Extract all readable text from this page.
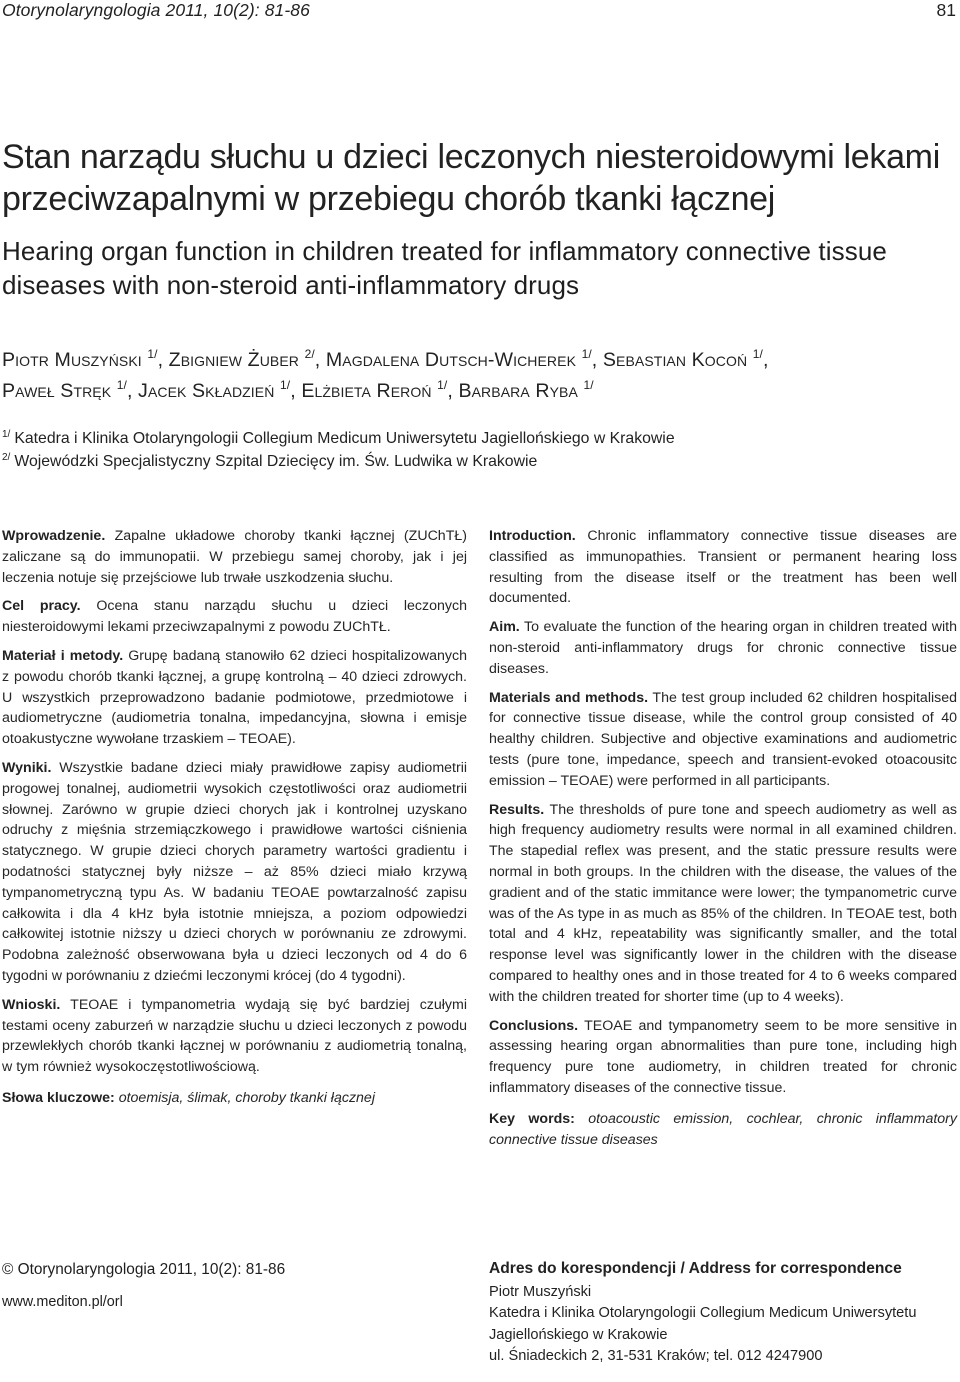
Otorynolaryngologia 2011, 10(2): 81-86	81
Stan narządu słuchu u dzieci leczonych niesteroidowymi lekami przeciwzapalnymi w przebiegu chorób tkanki łącznej
Hearing organ function in children treated for inflammatory connective tissue diseases with non-steroid anti-inflammatory drugs
Piotr Muszyński $^{1/}$, Zbigniew Żuber $^{2/}$, Magdalena Dutsch-Wicherek $^{1/}$, Sebastian Kocoń $^{1/}$,
Paweł Stręk $^{1/}$, Jacek Składzień $^{1/}$, Elżbieta Reroń $^{1/}$, Barbara Ryba $^{1/}$
$^{1/}$ Katedra i Klinika Otolaryngologii Collegium Medicum Uniwersytetu Jagiellońskiego w Krakowie
$^{2/}$ Wojewódzki Specjalistyczny Szpital Dziecięcy im. Św. Ludwika w Krakowie

Wprowadzenie. Zapalne układowe choroby tkanki łącznej (ZUChTŁ) zaliczane są do immunopatii. W przebiegu samej choroby, jak i jej leczenia notuje się przejściowe lub trwałe uszkodzenia słuchu.

Cel pracy. Ocena stanu narządu słuchu u dzieci leczonych niesteroidowymi lekami przeciwzapalnymi z powodu ZUChTŁ.

Materiał i metody. Grupę badaną stanowiło 62 dzieci hospitalizowanych z powodu chorób tkanki łącznej, a grupę kontrolną – 40 dzieci zdrowych. U wszystkich przeprowadzono badanie podmiotowe, przedmiotowe i audiometryczne (audiometria tonalna, impedancyjna, słowna i emisje otoakustyczne wywołane trzaskiem – TEOAE).

Wyniki. Wszystkie badane dzieci miały prawidłowe zapisy audiometrii progowej tonalnej, audiometrii wysokich częstotliwości oraz audiometrii słownej. Zarówno w grupie dzieci chorych jak i kontrolnej uzyskano odruchy z mięśnia strzemiączkowego i prawidłowe wartości ciśnienia statycznego. W grupie dzieci chorych parametry wartości gradientu i podatności statycznej były niższe – aż 85% dzieci miało krzywą tympanometryczną typu As. W badaniu TEOAE powtarzalność zapisu całkowita i dla 4 kHz była istotnie mniejsza, a poziom odpowiedzi całkowitej istotnie niższy u dzieci chorych w porównaniu ze zdrowymi. Podobna zależność obserwowana była u dzieci leczonych od 4 do 6 tygodni w porównaniu z dziećmi leczonymi krócej (do 4 tygodni).

Wnioski. TEOAE i tympanometria wydają się być bardziej czułymi testami oceny zaburzeń w narządzie słuchu u dzieci leczonych z powodu przewlekłych chorób tkanki łącznej w porównaniu z audiometrią tonalną, w tym również wysokoczęstotliwościową.

Słowa kluczowe: otoemisja, ślimak, choroby tkanki łącznej

Introduction. Chronic inflammatory connective tissue diseases are classified as immunopathies. Transient or permanent hearing loss resulting from the disease itself or the treatment has been well documented.

Aim. To evaluate the function of the hearing organ in children treated with non-steroid anti-inflammatory drugs for chronic connective tissue diseases.

Materials and methods. The test group included 62 children hospitalised for connective tissue disease, while the control group consisted of 40 healthy children. Subjective and objective examinations and audiometric tests (pure tone, impedance, speech and transient-evoked otoacousitc emission – TEOAE) were performed in all participants.

Results. The thresholds of pure tone and speech audiometry as well as high frequency audiometry results were normal in all examined children. The stapedial reflex was present, and the static pressure results were normal in both groups. In the children with the disease, the values of the gradient and of the static immitance were lower; the tympanometric curve was of the As type in as much as 85% of the children. In TEOAE test, both total and 4 kHz, repeatability was significantly smaller, and the total response level was significantly lower in the children with the disease compared to healthy ones and in those treated for 4 to 6 weeks compared with the children treated for shorter time (up to 4 weeks).

Conclusions. TEOAE and tympanometry seem to be more sensitive in assessing hearing organ abnormalities than pure tone, including high frequency pure tone audiometry, in children treated for chronic inflammatory diseases of the connective tissue.

Key words: otoacoustic emission, cochlear, chronic inflammatory connective tissue diseases

© Otorynolaryngologia 2011, 10(2): 81-86
www.mediton.pl/orl
Adres do korespondencji / Address for correspondence
Piotr Muszyński
Katedra i Klinika Otolaryngologii Collegium Medicum Uniwersytetu Jagiellońskiego w Krakowie
ul. Śniadeckich 2, 31-531 Kraków; tel. 012 4247900
